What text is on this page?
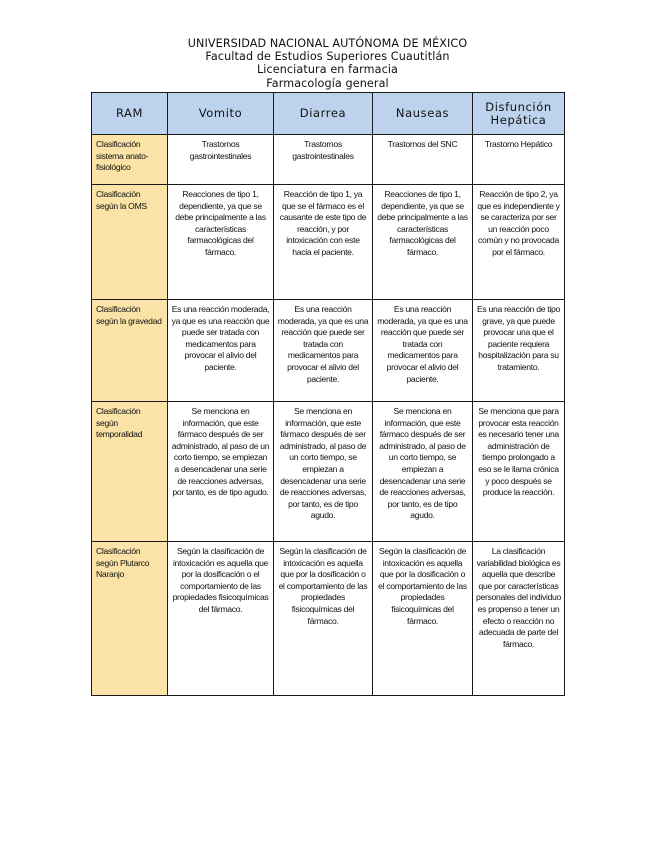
UNIVERSIDAD NACIONAL AUTÓNOMA DE MÉXICO
Facultad de Estudios Superiores Cuautitlán
Licenciatura en farmacia
Farmacología general
RAM	Vomito	Diarrea	Nauseas	Disfunción Hepática
Clasificación sistema anato-fisiológico	Trastornos gastrointestinales	Trastornos gastrointestinales	Trastornos del SNC	Trastorno Hepático
Clasificación según la OMS	Reacciones de tipo 1, dependiente, ya que se debe principalmente a las características farmacológicas del fármaco.	Reacción de tipo 1, ya que se el fármaco es el causante de este tipo de reacción, y por intoxicación con este hacia el paciente.	Reacciones de tipo 1, dependiente, ya que se debe principalmente a las características farmacológicas del fármaco.	Reacción de tipo 2, ya que es independiente y se caracteriza por ser un reacción poco común y no provocada por el fármaco.
Clasificación según la gravedad	Es una reacción moderada, ya que es una reacción que puede ser tratada con medicamentos para provocar el alivio del paciente.	Es una reacción moderada, ya que es una reacción que puede ser tratada con medicamentos para provocar el alivio del paciente.	Es una reacción moderada, ya que es una reacción que puede ser tratada con medicamentos para provocar el alivio del paciente.	Es una reacción de tipo grave, ya que puede provocar una que el paciente requiera hospitalización para su tratamiento.
Clasificación según temporalidad	Se menciona en información, que este fármaco después de ser administrado, al paso de un corto tiempo, se empiezan a desencadenar una serie de reacciones adversas, por tanto, es de tipo agudo.	Se menciona en información, que este fármaco después de ser administrado, al paso de un corto tiempo, se empiezan a desencadenar una serie de reacciones adversas, por tanto, es de tipo agudo.	Se menciona en información, que este fármaco después de ser administrado, al paso de un corto tiempo, se empiezan a desencadenar una serie de reacciones adversas, por tanto, es de tipo agudo.	Se menciona que para provocar esta reacción es necesario tener una administración de tiempo prolongado a eso se le llama crónica y poco después se produce la reacción.
Clasificación según Plutarco Naranjo	Según la clasificación de intoxicación es aquella que por la dosificación o el comportamiento de las propiedades fisicoquímicas del fármaco.	Según la clasificación de intoxicación es aquella que por la dosificación o el comportamiento de las propiedades fisicoquímicas del fármaco.	Según la clasificación de intoxicación es aquella que por la dosificación o el comportamiento de las propiedades fisicoquímicas del fármaco.	La clasificación variabilidad biológica es aquella que describe que por características personales del individuo es propenso a tener un efecto o reacción no adecuada de parte del fármaco.
